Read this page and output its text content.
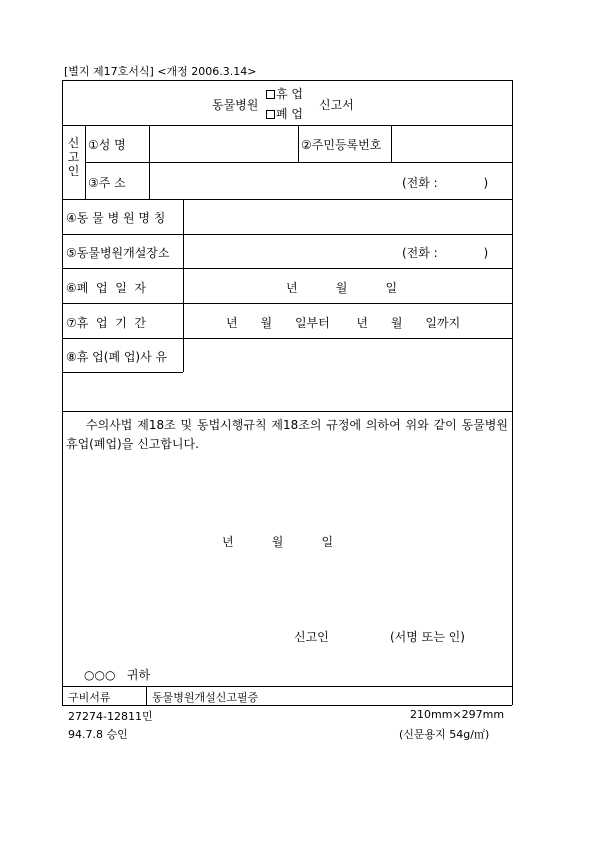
[별지 제17호서식] <개정 2006.3.14>
동물병원
휴 업
폐 업
신고서
신고인
①성 명	②주민등록번호
③주 소	(전화 :            )
④동 물 병 원 명 칭
⑤동물병원개설장소	(전화 :            )
⑥폐  업  일  자	년          월          일
⑦휴  업  기  간	년      월      일부터       년      월      일까지
⑧휴 업(폐 업)사 유
수의사법 제18조 및 동법시행규칙 제18조의 규정에 의하여 위와 같이 동물병원 휴업(폐업)을 신고합니다.
년          월          일
신고인	(서명 또는 인)
○○○   귀하
구비서류	동물병원개설신고필증
27274-12811민	210mm×297mm
94.7.8 승인	(신문용지 54g/㎡)
